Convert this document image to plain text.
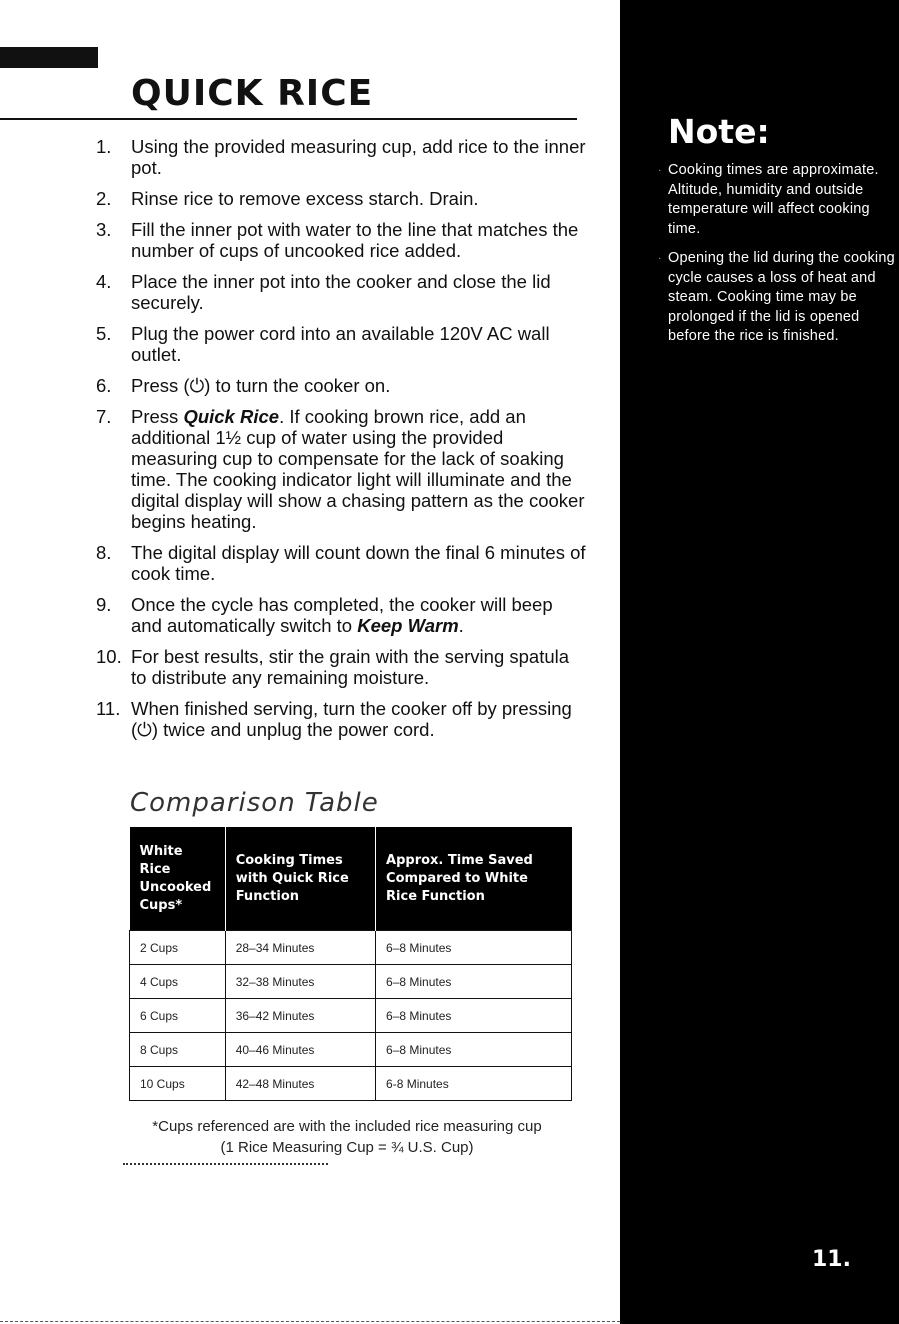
QUICK RICE
1.	Using the provided measuring cup, add rice to the inner pot.
2.	Rinse rice to remove excess starch. Drain.
3.	Fill the inner pot with water to the line that matches the number of cups of uncooked rice added.
4.	Place the inner pot into the cooker and close the lid securely.
5.	Plug the power cord into an available 120V AC wall outlet.
6.	Press (⏻) to turn the cooker on.
7.	Press Quick Rice. If cooking brown rice, add an additional 1½ cup of water using the provided measuring cup to compensate for the lack of soaking time. The cooking indicator light will illuminate and the digital display will show a chasing pattern as the cooker begins heating.
8.	The digital display will count down the final 6 minutes of cook time.
9.	Once the cycle has completed, the cooker will beep and automatically switch to Keep Warm.
10. For best results, stir the grain with the serving spatula to distribute any remaining moisture.
11. When finished serving, turn the cooker off by pressing (⏻) twice and unplug the power cord.
Note:
· Cooking times are approximate. Altitude, humidity and outside temperature will affect cooking time.
· Opening the lid during the cooking cycle causes a loss of heat and steam. Cooking time may be prolonged if the lid is opened before the rice is finished.
11.
Comparison Table
White Rice Uncooked Cups*	Cooking Times with Quick Rice Function	Approx. Time Saved Compared to White Rice Function
2 Cups	28–34 Minutes	6–8 Minutes
4 Cups	32–38 Minutes	6–8 Minutes
6 Cups	36–42 Minutes	6–8 Minutes
8 Cups	40–46 Minutes	6–8 Minutes
10 Cups	42–48 Minutes	6-8 Minutes
*Cups referenced are with the included rice measuring cup
(1 Rice Measuring Cup = ¾ U.S. Cup)
